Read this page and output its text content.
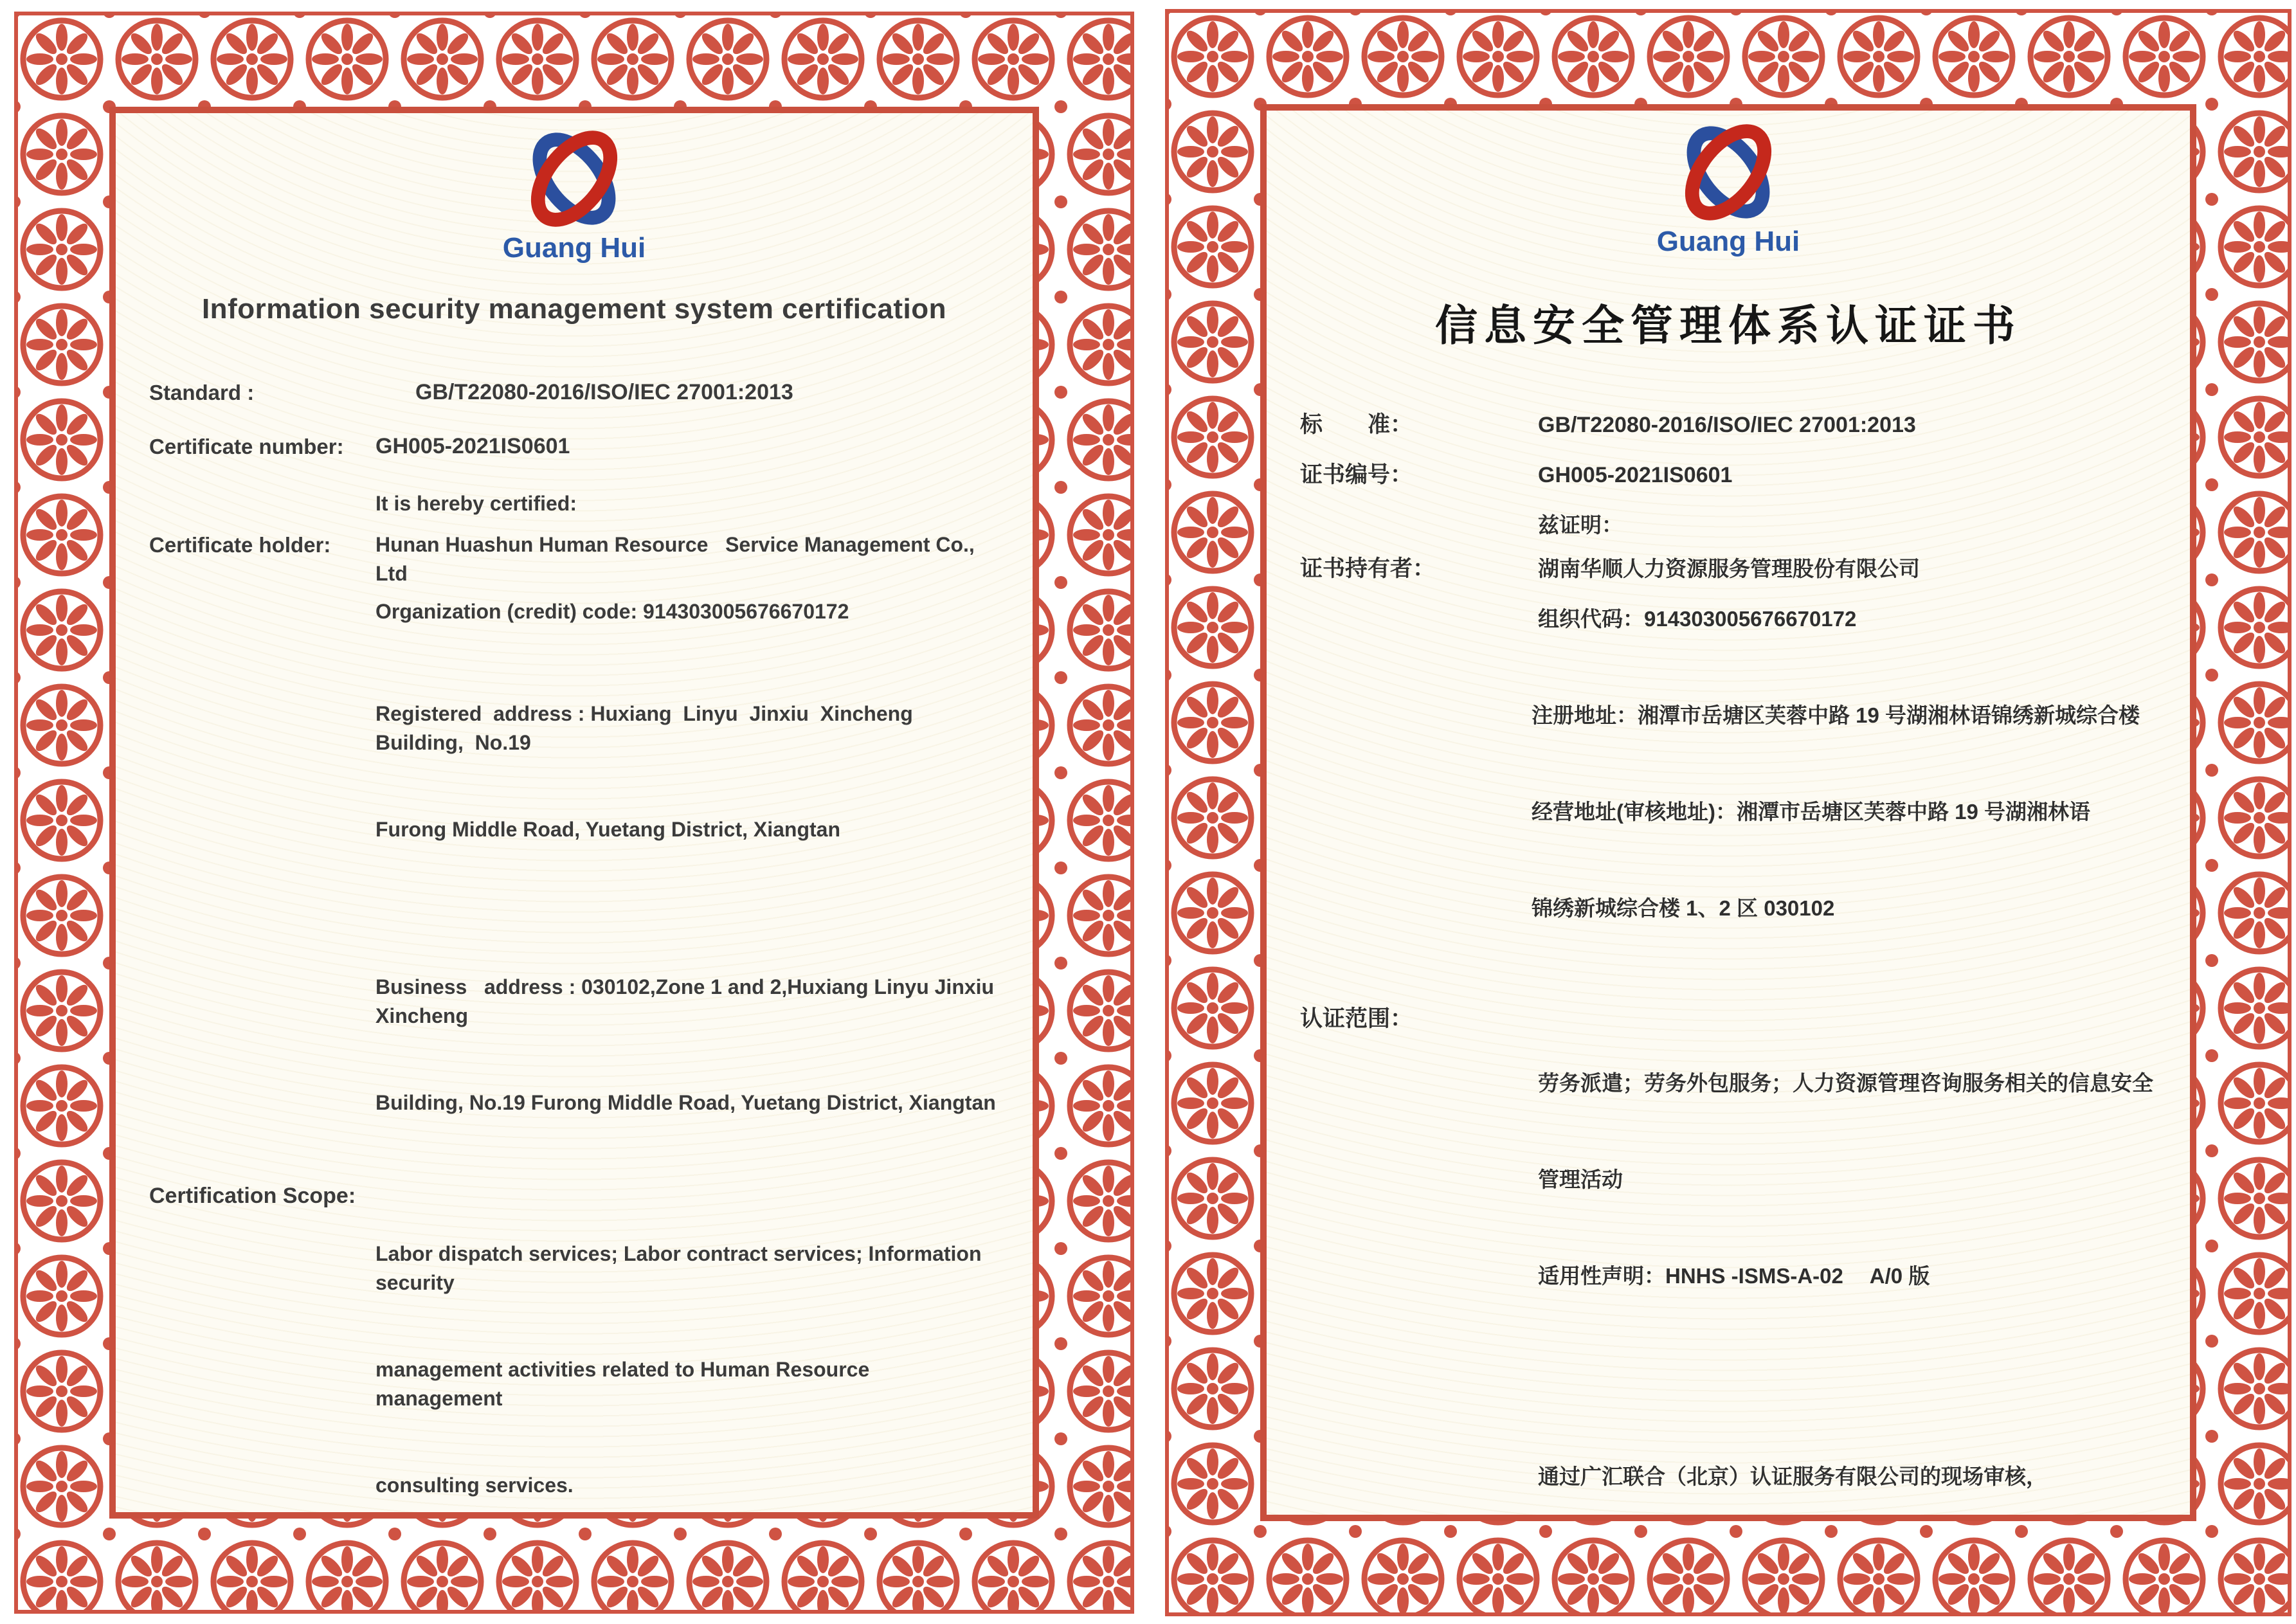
Guang Hui
Information security management system certification
Standard :	GB/T22080-2016/ISO/IEC 27001:2013
Certificate number:	GH005-2021IS0601
It is hereby certified:
Certificate holder:	Hunan Huashun Human Resource   Service Management Co., Ltd
Organization (credit) code: 914303005676670172

Registered  address : Huxiang  Linyu  Jinxiu  Xincheng  Building,  No.19

Furong Middle Road, Yuetang District, Xiangtan

Business   address : 030102,Zone 1 and 2,Huxiang Linyu Jinxiu Xincheng

Building, No.19 Furong Middle Road, Yuetang District, Xiangtan

Certification Scope:

Labor dispatch services; Labor contract services; Information security

management activities related to Human Resource   management

consulting services.

Guang Hui
信息安全管理体系认证证书
标　　准：	GB/T22080-2016/ISO/IEC 27001:2013
证书编号：	GH005-2021IS0601
兹证明：
证书持有者：	湖南华顺人力资源服务管理股份有限公司
组织代码：914303005676670172

注册地址：湘潭市岳塘区芙蓉中路 19 号湖湘林语锦绣新城综合楼

经营地址(审核地址)：湘潭市岳塘区芙蓉中路 19 号湖湘林语

锦绣新城综合楼 1、2 区 030102

认证范围：

劳务派遣；劳务外包服务；人力资源管理咨询服务相关的信息安全

管理活动

适用性声明：HNHS -ISMS-A-02　 A/0 版

通过广汇联合（北京）认证服务有限公司的现场审核，
